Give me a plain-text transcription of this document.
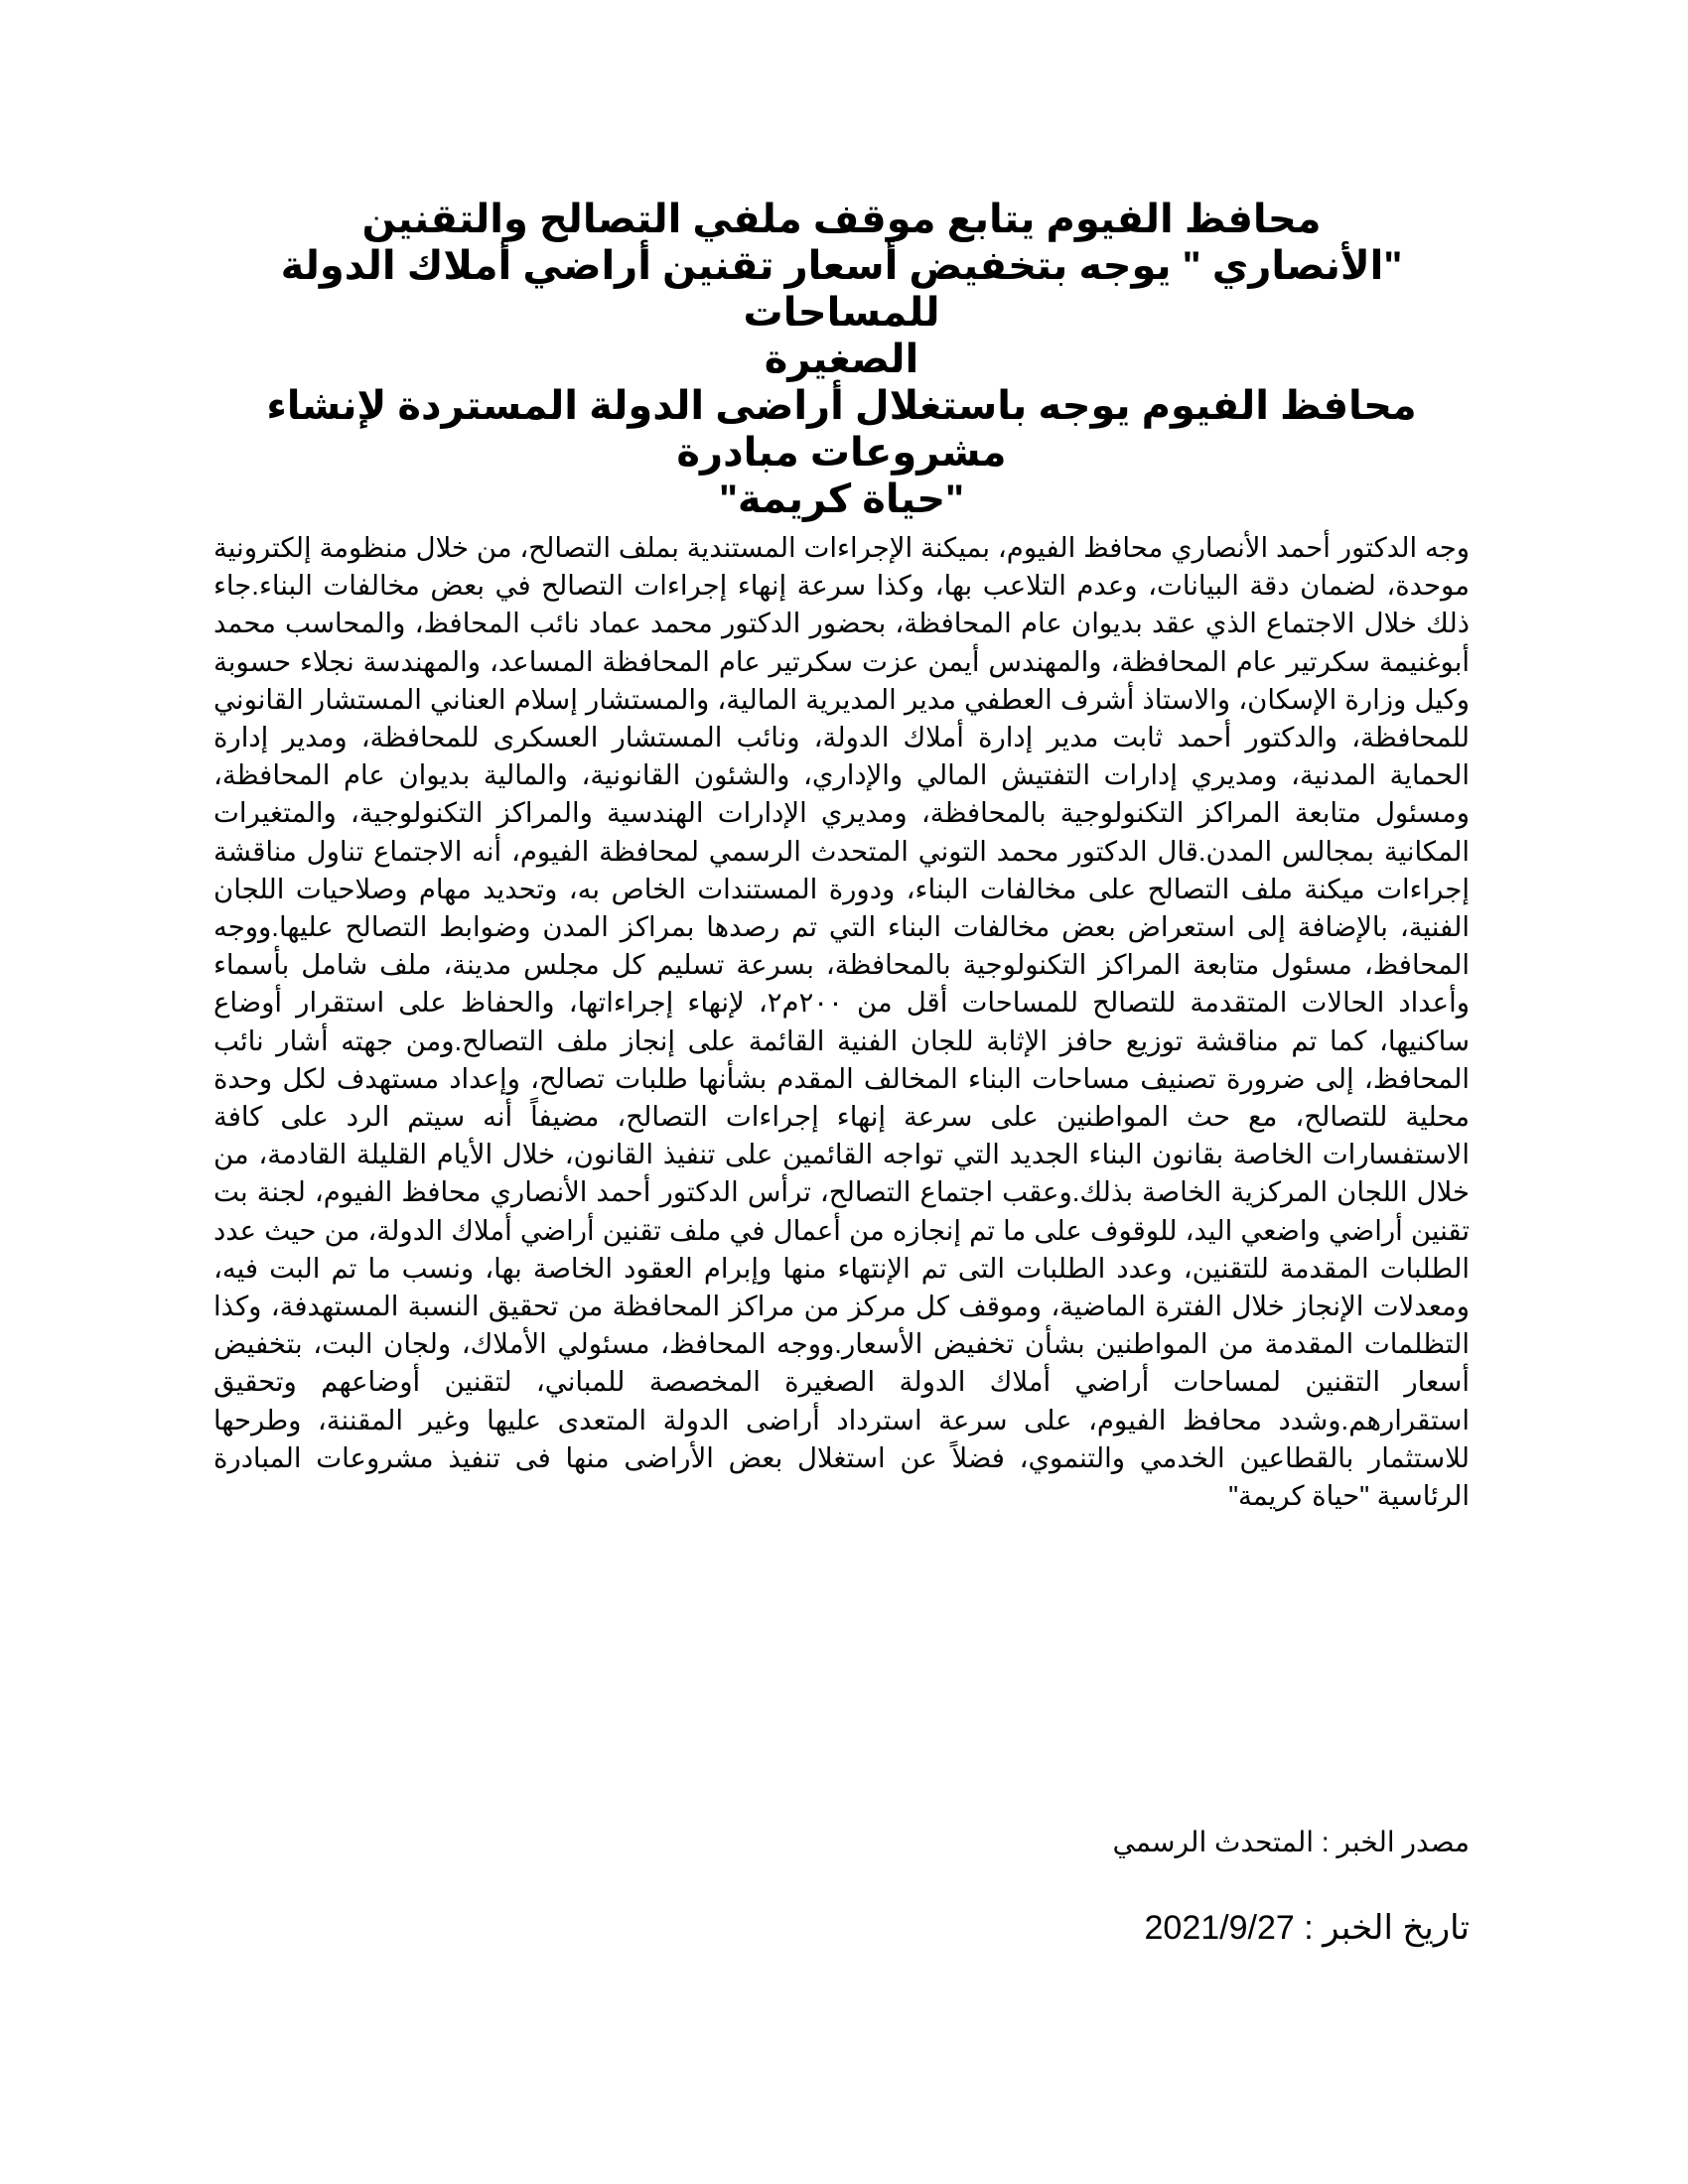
محافظ الفيوم يتابع موقف ملفي التصالح والتقنين

"الأنصاري " يوجه بتخفيض أسعار تقنين أراضي أملاك الدولة للمساحات

الصغيرة

محافظ الفيوم يوجه باستغلال أراضى الدولة المستردة لإنشاء مشروعات مبادرة

"حياة كريمة"

وجه الدكتور أحمد الأنصاري محافظ الفيوم، بميكنة الإجراءات المستندية بملف التصالح، من خلال منظومة إلكترونية موحدة، لضمان دقة البيانات، وعدم التلاعب بها، وكذا سرعة إنهاء إجراءات التصالح في بعض مخالفات البناء.جاء ذلك خلال الاجتماع الذي عقد بديوان عام المحافظة، بحضور الدكتور محمد عماد نائب المحافظ، والمحاسب محمد أبوغنيمة سكرتير عام المحافظة، والمهندس أيمن عزت سكرتير عام المحافظة المساعد، والمهندسة نجلاء حسوبة وكيل وزارة الإسكان، والاستاذ أشرف العطفي مدير المديرية المالية، والمستشار إسلام العناني المستشار القانوني للمحافظة، والدكتور أحمد ثابت مدير إدارة أملاك الدولة، ونائب المستشار العسكرى للمحافظة، ومدير إدارة الحماية المدنية، ومديري إدارات التفتيش المالي والإداري، والشئون القانونية، والمالية بديوان عام المحافظة، ومسئول متابعة المراكز التكنولوجية بالمحافظة، ومديري الإدارات الهندسية والمراكز التكنولوجية، والمتغيرات المكانية بمجالس المدن.قال الدكتور محمد التوني المتحدث الرسمي لمحافظة الفيوم، أنه الاجتماع تناول مناقشة إجراءات ميكنة ملف التصالح على مخالفات البناء، ودورة المستندات الخاص به، وتحديد مهام وصلاحيات اللجان الفنية، بالإضافة إلى استعراض بعض مخالفات البناء التي تم رصدها بمراكز المدن وضوابط التصالح عليها.ووجه المحافظ، مسئول متابعة المراكز التكنولوجية بالمحافظة، بسرعة تسليم كل مجلس مدينة، ملف شامل بأسماء وأعداد الحالات المتقدمة للتصالح للمساحات أقل من ٢٠٠م٢، لإنهاء إجراءاتها، والحفاظ على استقرار أوضاع ساكنيها، كما تم مناقشة توزيع حافز الإثابة للجان الفنية القائمة على إنجاز ملف التصالح.ومن جهته أشار نائب المحافظ، إلى ضرورة تصنيف مساحات البناء المخالف المقدم بشأنها طلبات تصالح، وإعداد مستهدف لكل وحدة محلية للتصالح، مع حث المواطنين على سرعة إنهاء إجراءات التصالح، مضيفاً أنه سيتم الرد على كافة الاستفسارات الخاصة بقانون البناء الجديد التي تواجه القائمين على تنفيذ القانون، خلال الأيام القليلة القادمة، من خلال اللجان المركزية الخاصة بذلك.وعقب اجتماع التصالح، ترأس الدكتور أحمد الأنصاري محافظ الفيوم، لجنة بت تقنين أراضي واضعي اليد، للوقوف على ما تم إنجازه من أعمال في ملف تقنين أراضي أملاك الدولة، من حيث عدد الطلبات المقدمة للتقنين، وعدد الطلبات التى تم الإنتهاء منها وإبرام العقود الخاصة بها، ونسب ما تم البت فيه، ومعدلات الإنجاز خلال الفترة الماضية، وموقف كل مركز من مراكز المحافظة من تحقيق النسبة المستهدفة، وكذا التظلمات المقدمة من المواطنين بشأن تخفيض الأسعار.ووجه المحافظ، مسئولي الأملاك، ولجان البت، بتخفيض أسعار التقنين لمساحات أراضي أملاك الدولة الصغيرة المخصصة للمباني، لتقنين أوضاعهم وتحقيق استقرارهم.وشدد محافظ الفيوم، على سرعة استرداد أراضى الدولة المتعدى عليها وغير المقننة، وطرحها للاستثمار بالقطاعين الخدمي والتنموي، فضلاً عن استغلال بعض الأراضى منها فى تنفيذ مشروعات المبادرة الرئاسية "حياة كريمة"

مصدر الخبر : المتحدث الرسمي

تاريخ الخبر : 2021/9/27
